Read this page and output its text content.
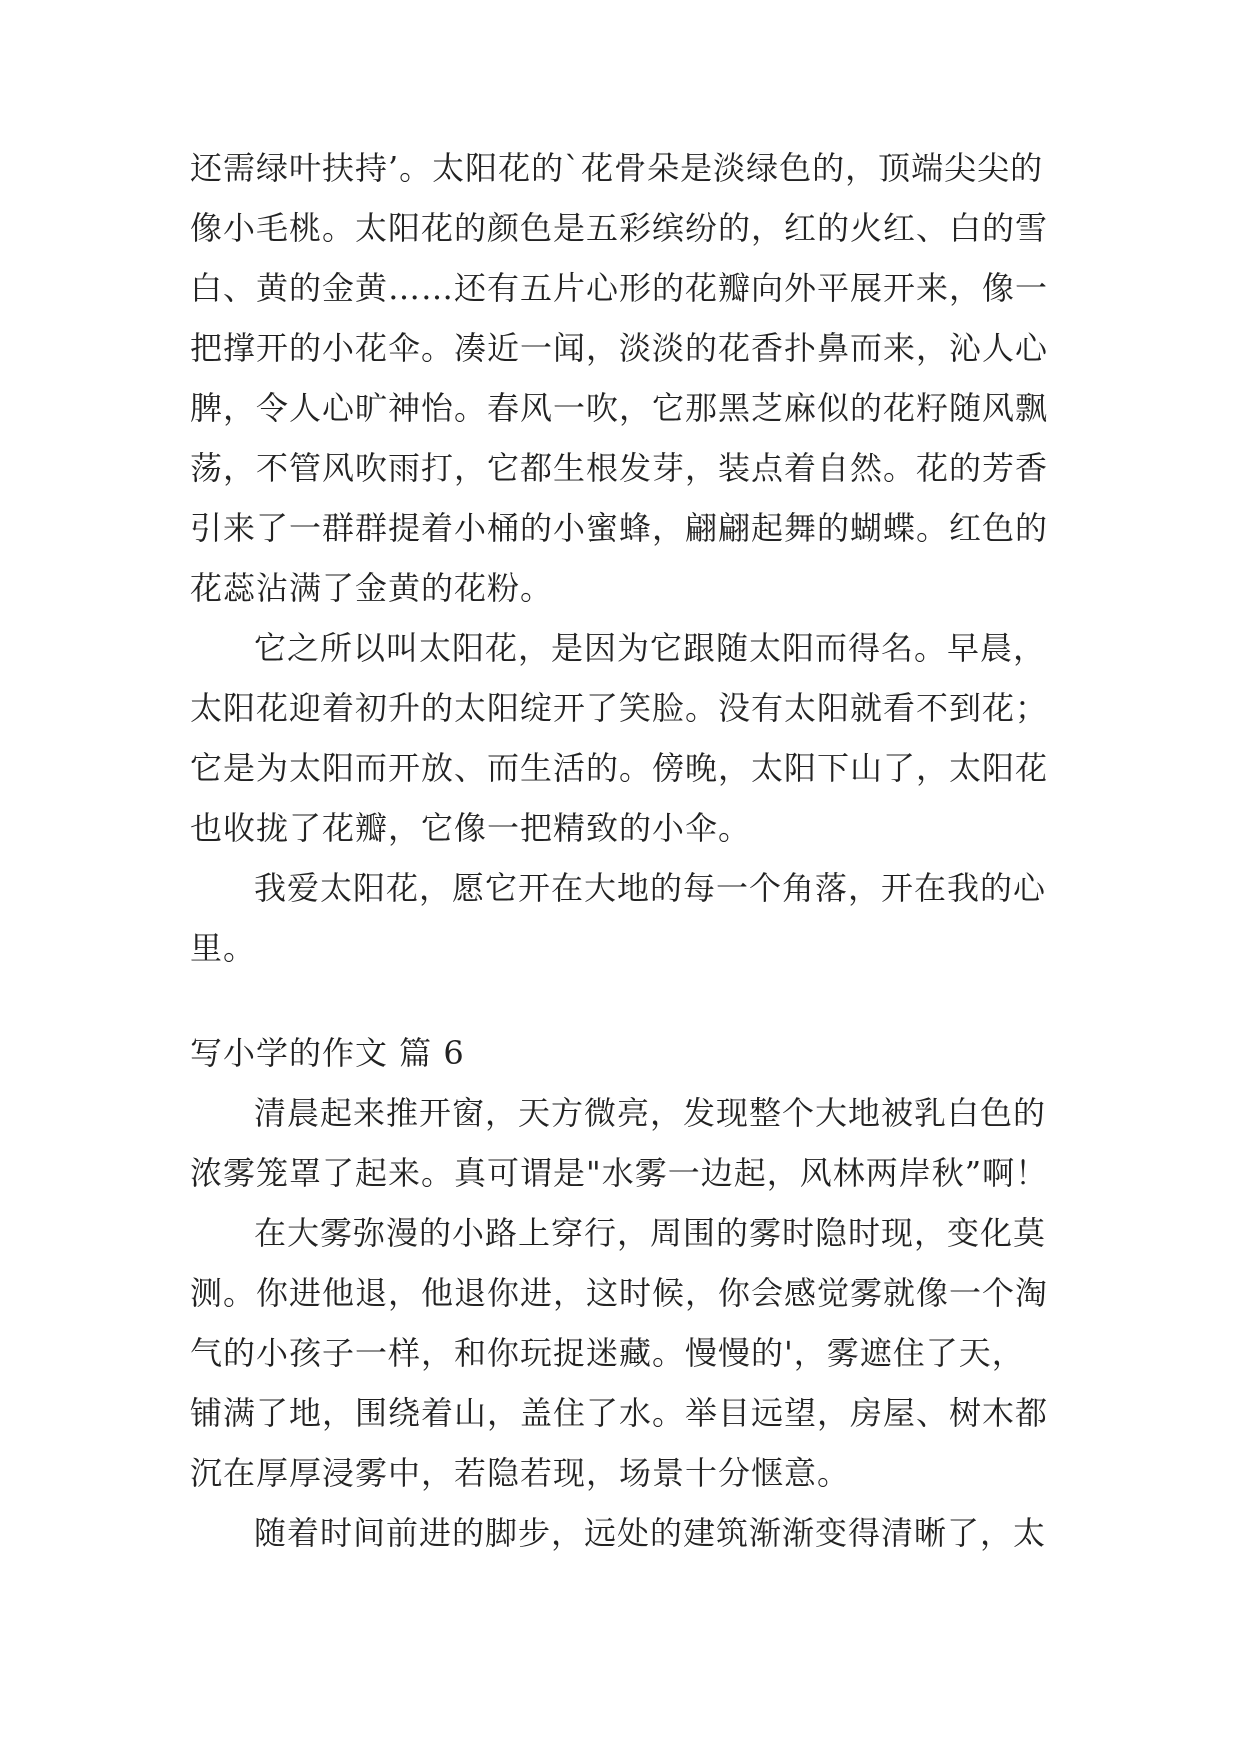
还需绿叶扶持’。太阳花的`花骨朵是淡绿色的，顶端尖尖的
像小毛桃。太阳花的颜色是五彩缤纷的，红的火红、白的雪
白、黄的金黄……还有五片心形的花瓣向外平展开来，像一
把撑开的小花伞。凑近一闻，淡淡的花香扑鼻而来，沁人心
脾，令人心旷神怡。春风一吹，它那黑芝麻似的花籽随风飘
荡，不管风吹雨打，它都生根发芽，装点着自然。花的芳香
引来了一群群提着小桶的小蜜蜂，翩翩起舞的蝴蝶。红色的
花蕊沾满了金黄的花粉。
它之所以叫太阳花，是因为它跟随太阳而得名。早晨，
太阳花迎着初升的太阳绽开了笑脸。没有太阳就看不到花；
它是为太阳而开放、而生活的。傍晚，太阳下山了，太阳花
也收拢了花瓣，它像一把精致的小伞。
我爱太阳花，愿它开在大地的每一个角落，开在我的心
里。
写小学的作文 篇 6
清晨起来推开窗，天方微亮，发现整个大地被乳白色的
浓雾笼罩了起来。真可谓是"水雾一边起，风林两岸秋”啊！
在大雾弥漫的小路上穿行，周围的雾时隐时现，变化莫
测。你进他退，他退你进，这时候，你会感觉雾就像一个淘
气的小孩子一样，和你玩捉迷藏。慢慢的'，雾遮住了天，
铺满了地，围绕着山，盖住了水。举目远望，房屋、树木都
沉在厚厚浸雾中，若隐若现，场景十分惬意。
随着时间前进的脚步，远处的建筑渐渐变得清晰了，太
